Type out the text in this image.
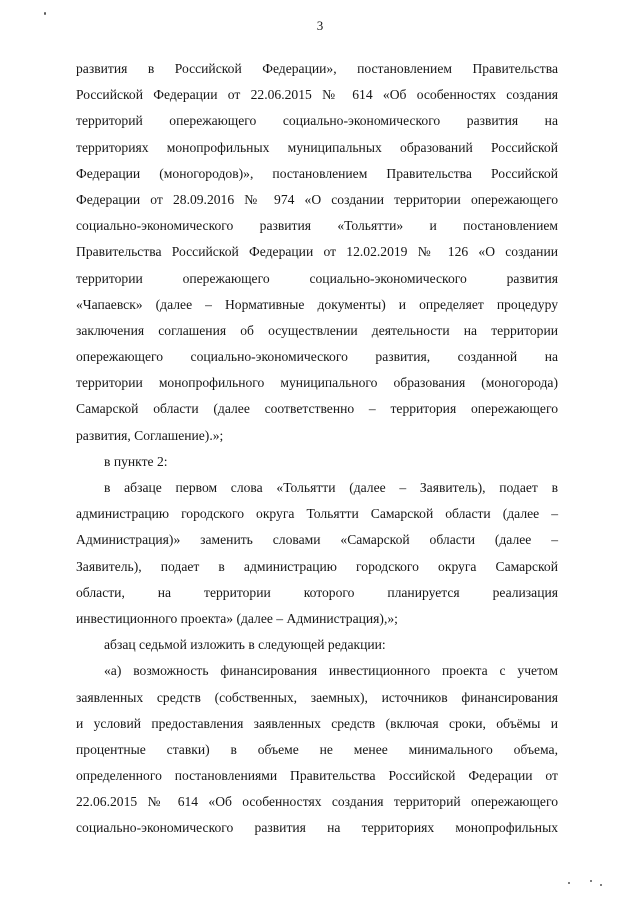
3
развития в Российской Федерации», постановлением Правительства
Российской Федерации от 22.06.2015 № 614 «Об особенностях создания
территорий опережающего социально-экономического развития на
территориях монопрофильных муниципальных образований Российской
Федерации (моногородов)», постановлением Правительства Российской
Федерации от 28.09.2016 № 974 «О создании территории опережающего
социально-экономического развития «Тольятти» и постановлением
Правительства Российской Федерации от 12.02.2019 № 126 «О создании
территории опережающего социально-экономического развития
«Чапаевск» (далее – Нормативные документы) и определяет процедуру
заключения соглашения об осуществлении деятельности на территории
опережающего социально-экономического развития, созданной на
территории монопрофильного муниципального образования (моногорода)
Самарской области (далее соответственно – территория опережающего
развития, Соглашение).»;
в пункте 2:
в абзаце первом слова «Тольятти (далее – Заявитель), подает в
администрацию городского округа Тольятти Самарской области (далее –
Администрация)» заменить словами «Самарской области (далее –
Заявитель), подает в администрацию городского округа Самарской
области, на территории которого планируется реализация
инвестиционного проекта» (далее – Администрация),»;
абзац седьмой изложить в следующей редакции:
«а) возможность финансирования инвестиционного проекта с учетом
заявленных средств (собственных, заемных), источников финансирования
и условий предоставления заявленных средств (включая сроки, объёмы и
процентные ставки) в объеме не менее минимального объема,
определенного постановлениями Правительства Российской Федерации от
22.06.2015 № 614 «Об особенностях создания территорий опережающего
социально-экономического развития на территориях монопрофильных
